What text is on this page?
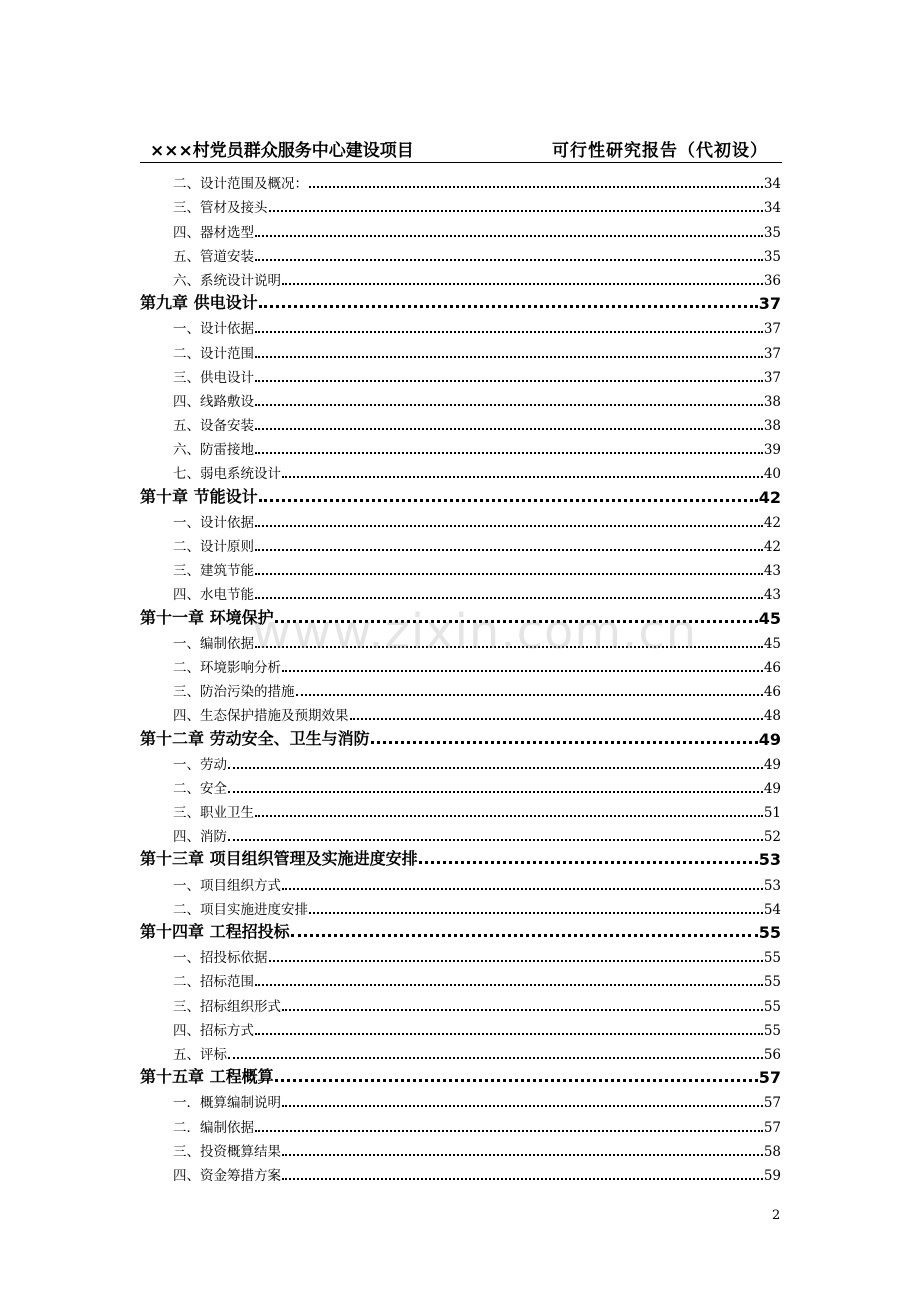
×××村党员群众服务中心建设项目	可行性研究报告（代初设）
二、设计范围及概况：	34
三、管材及接头	34
四、器材选型	35
五、管道安装	35
六、系统设计说明	36
第九章 供电设计	37
一、设计依据	37
二、设计范围	37
三、供电设计	37
四、线路敷设	38
五、设备安装	38
六、防雷接地	39
七、弱电系统设计	40
第十章 节能设计	42
一、设计依据	42
二、设计原则	42
三、建筑节能	43
四、水电节能	43
第十一章 环境保护	45
一、编制依据	45
二、环境影响分析	46
三、防治污染的措施	46
四、生态保护措施及预期效果	48
第十二章 劳动安全、卫生与消防	49
一、劳动	49
二、安全	49
三、职业卫生	51
四、消防	52
第十三章 项目组织管理及实施进度安排	53
一、项目组织方式	53
二、项目实施进度安排	54
第十四章 工程招投标	55
一、招投标依据	55
二、招标范围	55
三、招标组织形式	55
四、招标方式	55
五、评标	56
第十五章 工程概算	57
一．概算编制说明	57
二．编制依据	57
三、投资概算结果	58
四、资金筹措方案	59
www.zixin.com.cn
2
